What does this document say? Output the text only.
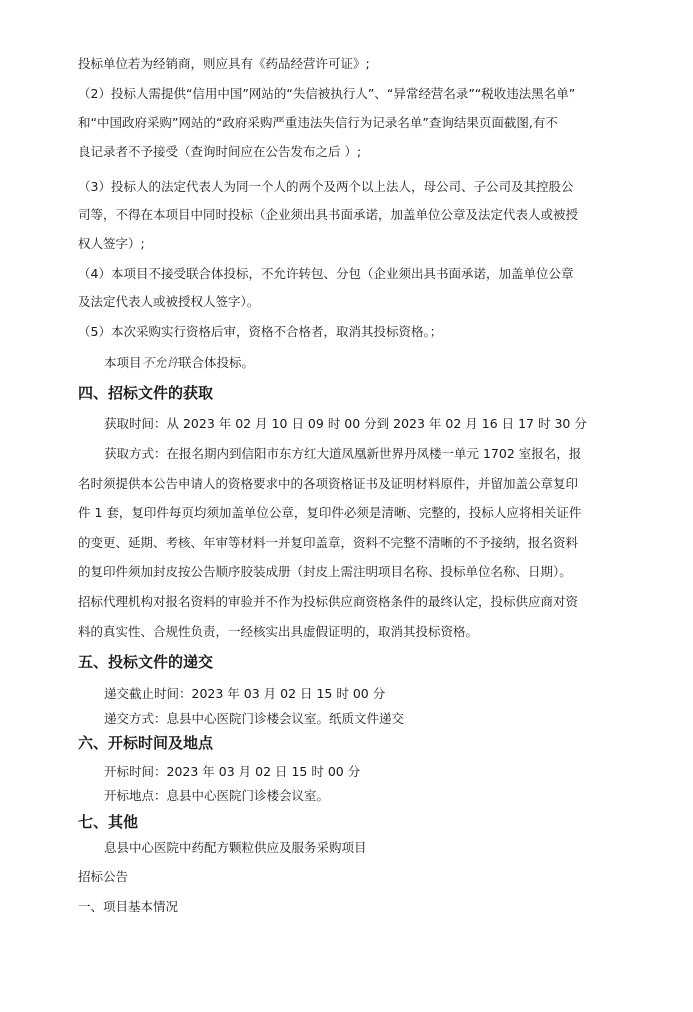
投标单位若为经销商，则应具有《药品经营许可证》;
（2）投标人需提供“信用中国”网站的“失信被执行人”、“异常经营名录”“税收违法黑名单”
和“中国政府采购”网站的“政府采购严重违法失信行为记录名单”查询结果页面截图,有不
良记录者不予接受（查询时间应在公告发布之后 ）;
（3）投标人的法定代表人为同一个人的两个及两个以上法人，母公司、子公司及其控股公
司等，不得在本项目中同时投标（企业须出具书面承诺，加盖单位公章及法定代表人或被授
权人签字）;
（4）本项目不接受联合体投标，不允许转包、分包（企业须出具书面承诺，加盖单位公章
及法定代表人或被授权人签字）。
（5）本次采购实行资格后审，资格不合格者，取消其投标资格。；
本项目不允许联合体投标。
四、招标文件的获取
获取时间：从 2023 年 02 月 10 日 09 时 00 分到 2023 年 02 月 16 日 17 时 30 分
获取方式：在报名期内到信阳市东方红大道凤凰新世界丹凤楼一单元 1702 室报名，报
名时须提供本公告申请人的资格要求中的各项资格证书及证明材料原件，并留加盖公章复印
件 1 套，复印件每页均须加盖单位公章，复印件必须是清晰、完整的，投标人应将相关证件
的变更、延期、考核、年审等材料一并复印盖章，资料不完整不清晰的不予接纳，报名资料
的复印件须加封皮按公告顺序胶装成册（封皮上需注明项目名称、投标单位名称、日期）。
招标代理机构对报名资料的审验并不作为投标供应商资格条件的最终认定，投标供应商对资
料的真实性、合规性负责，一经核实出具虚假证明的，取消其投标资格。
五、投标文件的递交
递交截止时间：2023 年 03 月 02 日 15 时 00 分
递交方式：息县中心医院门诊楼会议室。纸质文件递交
六、开标时间及地点
开标时间：2023 年 03 月 02 日 15 时 00 分
开标地点：息县中心医院门诊楼会议室。
七、其他
息县中心医院中药配方颗粒供应及服务采购项目
招标公告
一、项目基本情况
